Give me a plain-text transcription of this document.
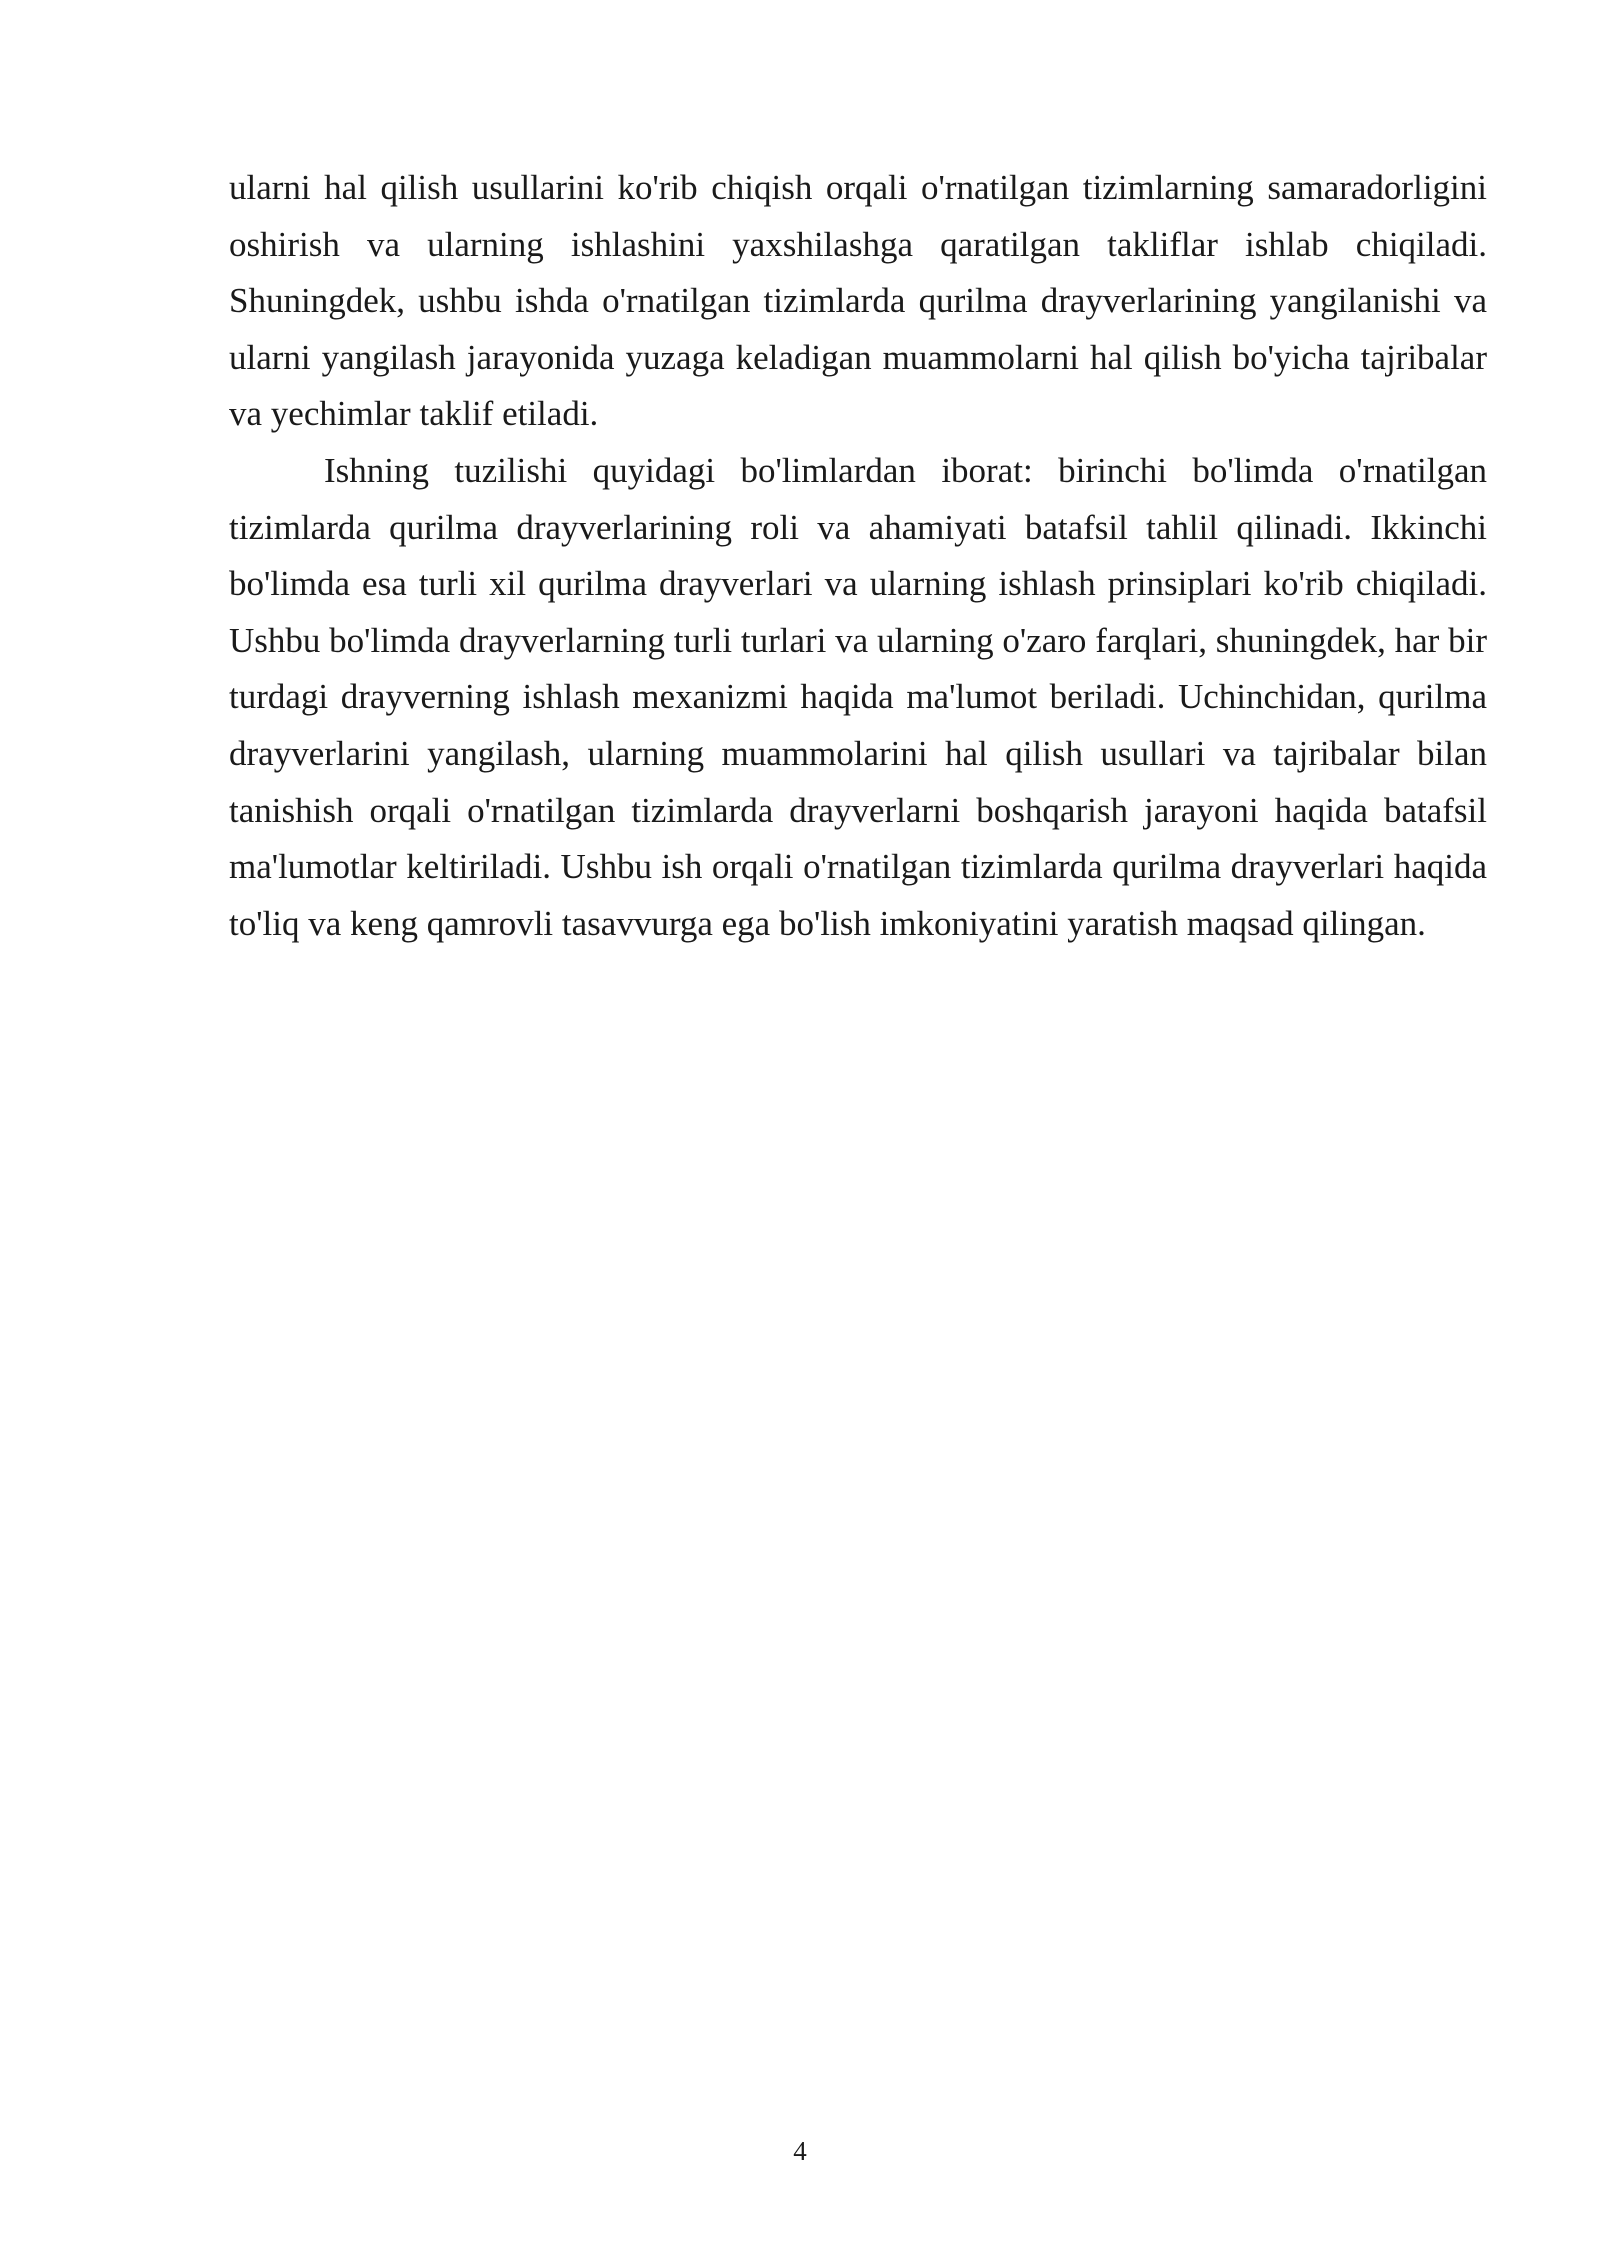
ularni hal qilish usullarini ko'rib chiqish orqali o'rnatilgan tizimlarning samaradorligini oshirish va ularning ishlashini yaxshilashga qaratilgan takliflar ishlab chiqiladi. Shuningdek, ushbu ishda o'rnatilgan tizimlarda qurilma drayverlarining yangilanishi va ularni yangilash jarayonida yuzaga keladigan muammolarni hal qilish bo'yicha tajribalar va yechimlar taklif etiladi.

Ishning tuzilishi quyidagi bo'limlardan iborat: birinchi bo'limda o'rnatilgan tizimlarda qurilma drayverlarining roli va ahamiyati batafsil tahlil qilinadi. Ikkinchi bo'limda esa turli xil qurilma drayverlari va ularning ishlash prinsiplari ko'rib chiqiladi. Ushbu bo'limda drayverlarning turli turlari va ularning o'zaro farqlari, shuningdek, har bir turdagi drayverning ishlash mexanizmi haqida ma'lumot beriladi. Uchinchidan, qurilma drayverlarini yangilash, ularning muammolarini hal qilish usullari va tajribalar bilan tanishish orqali o'rnatilgan tizimlarda drayverlarni boshqarish jarayoni haqida batafsil ma'lumotlar keltiriladi. Ushbu ish orqali o'rnatilgan tizimlarda qurilma drayverlari haqida to'liq va keng qamrovli tasavvurga ega bo'lish imkoniyatini yaratish maqsad qilingan.

4
